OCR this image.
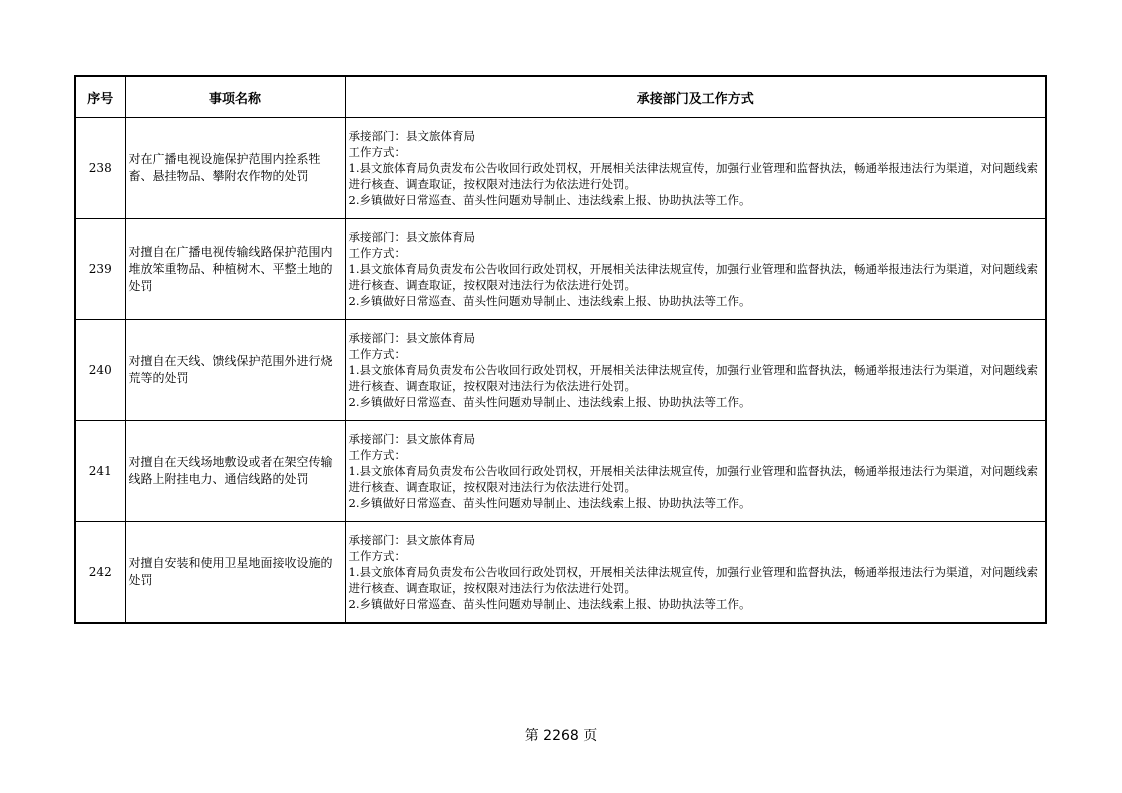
序号	事项名称	承接部门及工作方式
238	对在广播电视设施保护范围内拴系牲畜、悬挂物品、攀附农作物的处罚	承接部门：县文旅体育局
工作方式：
1.县文旅体育局负责发布公告收回行政处罚权，开展相关法律法规宣传，加强行业管理和监督执法，畅通举报违法行为渠道，对问题线索进行核查、调查取证，按权限对违法行为依法进行处罚。
2.乡镇做好日常巡查、苗头性问题劝导制止、违法线索上报、协助执法等工作。

239	对擅自在广播电视传输线路保护范围内堆放笨重物品、种植树木、平整土地的处罚	承接部门：县文旅体育局
工作方式：
1.县文旅体育局负责发布公告收回行政处罚权，开展相关法律法规宣传，加强行业管理和监督执法，畅通举报违法行为渠道，对问题线索进行核查、调查取证，按权限对违法行为依法进行处罚。
2.乡镇做好日常巡查、苗头性问题劝导制止、违法线索上报、协助执法等工作。

240	对擅自在天线、馈线保护范围外进行烧荒等的处罚	承接部门：县文旅体育局
工作方式：
1.县文旅体育局负责发布公告收回行政处罚权，开展相关法律法规宣传，加强行业管理和监督执法，畅通举报违法行为渠道，对问题线索进行核查、调查取证，按权限对违法行为依法进行处罚。
2.乡镇做好日常巡查、苗头性问题劝导制止、违法线索上报、协助执法等工作。

241	对擅自在天线场地敷设或者在架空传输线路上附挂电力、通信线路的处罚	承接部门：县文旅体育局
工作方式：
1.县文旅体育局负责发布公告收回行政处罚权，开展相关法律法规宣传，加强行业管理和监督执法，畅通举报违法行为渠道，对问题线索进行核查、调查取证，按权限对违法行为依法进行处罚。
2.乡镇做好日常巡查、苗头性问题劝导制止、违法线索上报、协助执法等工作。

242	对擅自安装和使用卫星地面接收设施的处罚	承接部门：县文旅体育局
工作方式：
1.县文旅体育局负责发布公告收回行政处罚权，开展相关法律法规宣传，加强行业管理和监督执法，畅通举报违法行为渠道，对问题线索进行核查、调查取证，按权限对违法行为依法进行处罚。
2.乡镇做好日常巡查、苗头性问题劝导制止、违法线索上报、协助执法等工作。
第 2268 页
